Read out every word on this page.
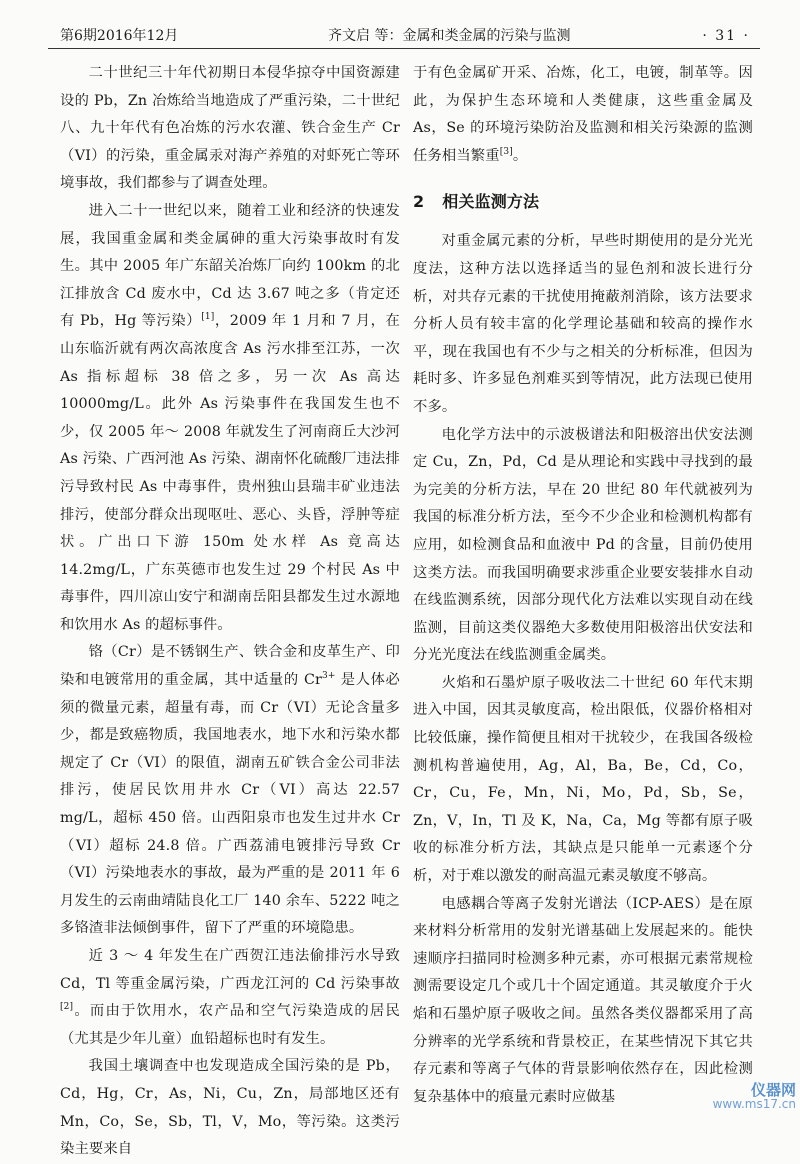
第6期2016年12月	齐文启 等：金属和类金属的污染与监测	· 31 ·

二十世纪三十年代初期日本侵华掠夺中国资源建设的 Pb，Zn 冶炼给当地造成了严重污染，二十世纪八、九十年代有色冶炼的污水农灌、铁合金生产 Cr（VI）的污染，重金属汞对海产养殖的对虾死亡等环境事故，我们都参与了调查处理。

进入二十一世纪以来，随着工业和经济的快速发展，我国重金属和类金属砷的重大污染事故时有发生。其中 2005 年广东韶关冶炼厂向约 100km 的北江排放含 Cd 废水中，Cd 达 3.67 吨之多（肯定还有 Pb，Hg 等污染）[1]，2009 年 1 月和 7 月，在山东临沂就有两次高浓度含 As 污水排至江苏，一次 As 指标超标 38 倍之多，另一次 As 高达 10000mg/L。此外 As 污染事件在我国发生也不少，仅 2005 年～ 2008 年就发生了河南商丘大沙河 As 污染、广西河池 As 污染、湖南怀化硫酸厂违法排污导致村民 As 中毒事件，贵州独山县瑞丰矿业违法排污，使部分群众出现呕吐、恶心、头昏，浮肿等症状。广出口下游 150m 处水样 As 竟高达 14.2mg/L，广东英德市也发生过 29 个村民 As 中毒事件，四川凉山安宁和湖南岳阳县都发生过水源地和饮用水 As 的超标事件。

铬（Cr）是不锈钢生产、铁合金和皮革生产、印染和电镀常用的重金属，其中适量的 $Cr^{3+}$ 是人体必须的微量元素，超量有毒，而 Cr（VI）无论含量多少，都是致癌物质，我国地表水，地下水和污染水都规定了 Cr（VI）的限值，湖南五矿铁合金公司非法排污，使居民饮用井水 Cr（VI）高达 22.57 mg/L，超标 450 倍。山西阳泉市也发生过井水 Cr（VI）超标 24.8 倍。广西荔浦电镀排污导致 Cr（VI）污染地表水的事故，最为严重的是 2011 年 6 月发生的云南曲靖陆良化工厂 140 余车、5222 吨之多铬渣非法倾倒事件，留下了严重的环境隐患。

近 3 ～ 4 年发生在广西贺江违法偷排污水导致 Cd，Tl 等重金属污染，广西龙江河的 Cd 污染事故[2]。而由于饮用水，农产品和空气污染造成的居民（尤其是少年儿童）血铅超标也时有发生。

我国土壤调查中也发现造成全国污染的是 Pb，Cd，Hg，Cr，As，Ni，Cu，Zn，局部地区还有 Mn，Co，Se，Sb，Tl，V，Mo，等污染。这类污染主要来自

于有色金属矿开采、冶炼，化工，电镀，制革等。因此，为保护生态环境和人类健康，这些重金属及 As，Se 的环境污染防治及监测和相关污染源的监测任务相当繁重[3]。

2 相关监测方法

对重金属元素的分析，早些时期使用的是分光光度法，这种方法以选择适当的显色剂和波长进行分析，对共存元素的干扰使用掩蔽剂消除，该方法要求分析人员有较丰富的化学理论基础和较高的操作水平，现在我国也有不少与之相关的分析标准，但因为耗时多、许多显色剂难买到等情况，此方法现已使用不多。

电化学方法中的示波极谱法和阳极溶出伏安法测定 Cu，Zn，Pd，Cd 是从理论和实践中寻找到的最为完美的分析方法，早在 20 世纪 80 年代就被列为我国的标准分析方法，至今不少企业和检测机构都有应用，如检测食品和血液中 Pd 的含量，目前仍使用这类方法。而我国明确要求涉重企业要安装排水自动在线监测系统，因部分现代化方法难以实现自动在线监测，目前这类仪器绝大多数使用阳极溶出伏安法和分光光度法在线监测重金属类。

火焰和石墨炉原子吸收法二十世纪 60 年代末期进入中国，因其灵敏度高，检出限低，仪器价格相对比较低廉，操作简便且相对干扰较少，在我国各级检测机构普遍使用，Ag，Al，Ba，Be，Cd，Co，Cr，Cu，Fe，Mn，Ni，Mo，Pd，Sb，Se，Zn，V，In，Tl 及 K，Na，Ca，Mg 等都有原子吸收的标准分析方法，其缺点是只能单一元素逐个分析，对于难以激发的耐高温元素灵敏度不够高。

电感耦合等离子发射光谱法（ICP-AES）是在原来材料分析常用的发射光谱基础上发展起来的。能快速顺序扫描同时检测多种元素，亦可根据元素常规检测需要设定几个或几十个固定通道。其灵敏度介于火焰和石墨炉原子吸收之间。虽然各类仪器都采用了高分辨率的光学系统和背景校正，在某些情况下其它共存元素和等离子气体的背景影响依然存在，因此检测复杂基体中的痕量元素时应做基	仪器网
www.ms17.cn
